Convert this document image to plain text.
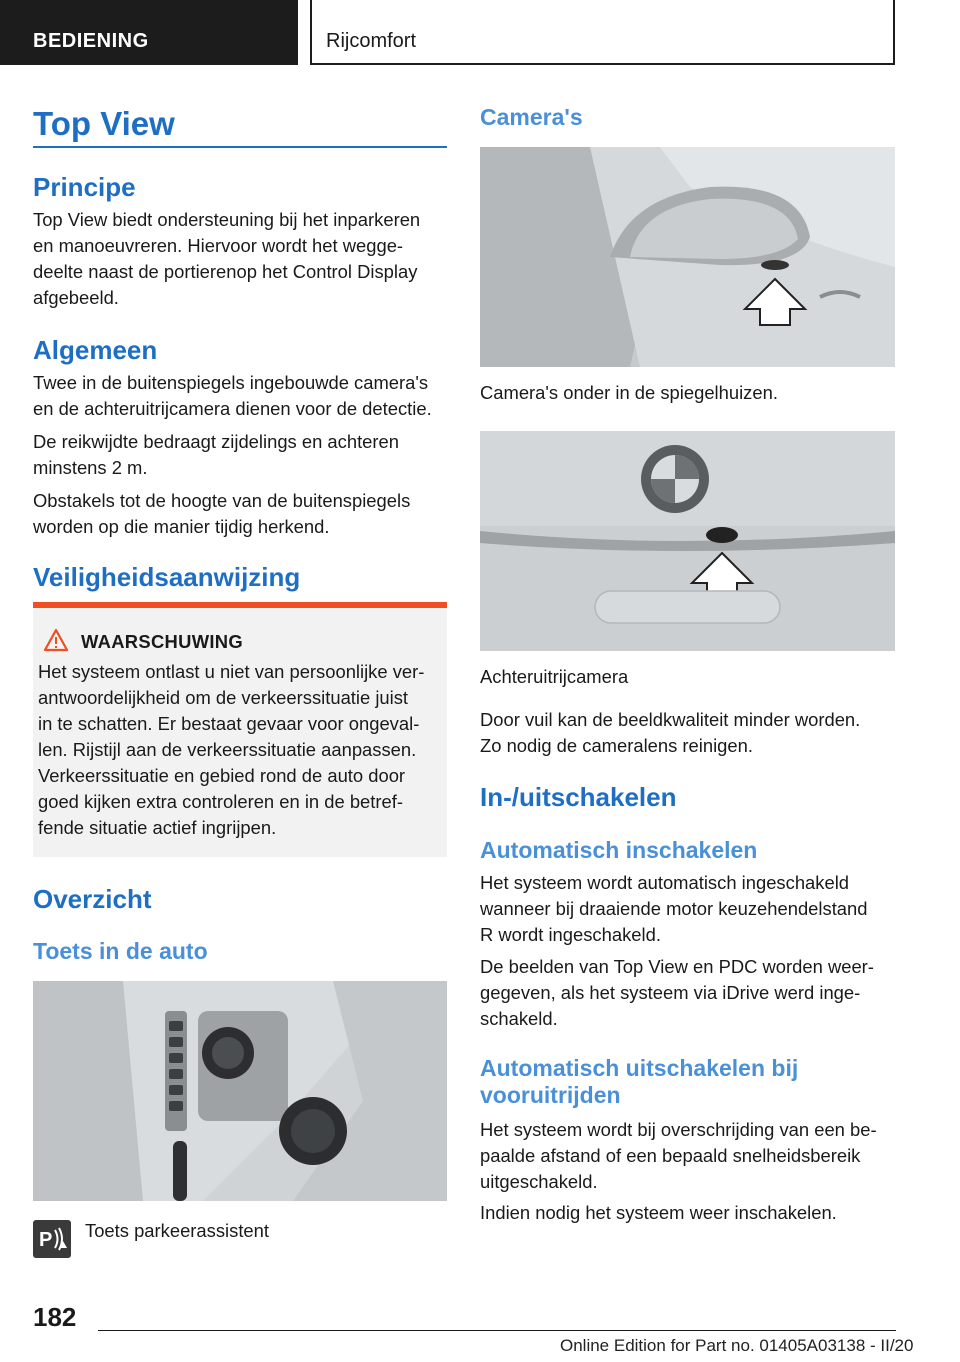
BEDIENING	Rijcomfort
Top View
Principe

Top View biedt ondersteuning bij het inparkeren

en manoeuvreren. Hiervoor wordt het wegge-

deelte naast de portierenop het Control Display

afgebeeld.

Algemeen

Twee in de buitenspiegels ingebouwde camera's

en de achteruitrijcamera dienen voor de detectie.

De reikwijdte bedraagt zijdelings en achteren

minstens 2 m.

Obstakels tot de hoogte van de buitenspiegels

worden op die manier tijdig herkend.

Veiligheidsaanwijzing
WAARSCHUWING

Het systeem ontlast u niet van persoonlijke ver-

antwoordelijkheid om de verkeerssituatie juist

in te schatten. Er bestaat gevaar voor ongeval-

len. Rijstijl aan de verkeerssituatie aanpassen.

Verkeerssituatie en gebied rond de auto door

goed kijken extra controleren en in de betref-

fende situatie actief ingrijpen.

Overzicht
Toets in de auto
P Toets parkeerassistent

Camera's

Camera's onder in de spiegelhuizen.

Achteruitrijcamera

Door vuil kan de beeldkwaliteit minder worden.

Zo nodig de cameralens reinigen.

In-/uitschakelen
Automatisch inschakelen

Het systeem wordt automatisch ingeschakeld

wanneer bij draaiende motor keuzehendelstand

R wordt ingeschakeld.

De beelden van Top View en PDC worden weer-

gegeven, als het systeem via iDrive werd inge-

schakeld.

Automatisch uitschakelen bij
vooruitrijden

Het systeem wordt bij overschrijding van een be-

paalde afstand of een bepaald snelheidsbereik

uitgeschakeld.

Indien nodig het systeem weer inschakelen.

182
Online Edition for Part no. 01405A03138 - II/20
